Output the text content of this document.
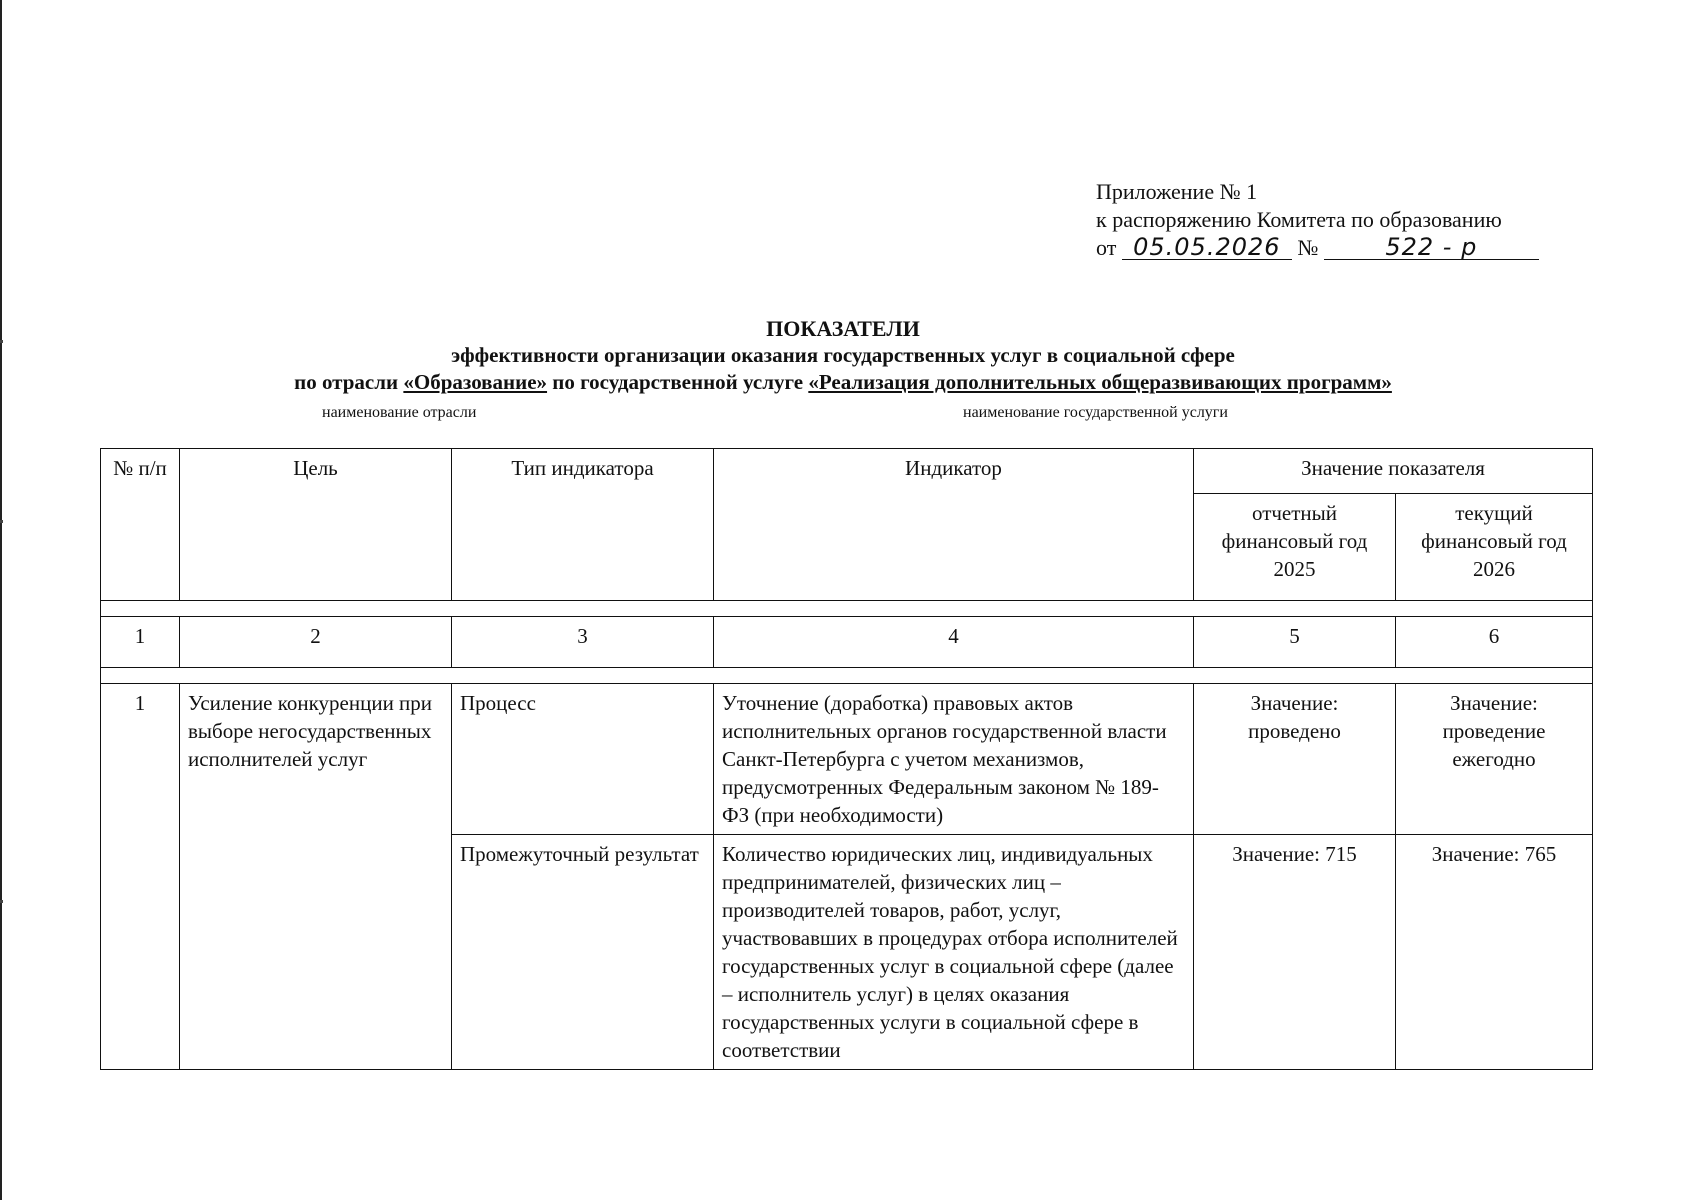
Приложение № 1
к распоряжению Комитета по образованию
от 05.05.2026 №	522 - р
ПОКАЗАТЕЛИ
эффективности организации оказания государственных услуг в социальной сфере
по отрасли «Образование» по государственной услуге «Реализация дополнительных общеразвивающих программ»
наименование отрасли	наименование государственной услуги
№ п/п	Цель	Тип индикатора	Индикатор	Значение показателя	
				отчетный финансовый год 2025	текущий финансовый год 2026

1	2	3	4	5	6

1	Усиление конкуренции при выборе негосударственных исполнителей услуг	Процесс	Уточнение (доработка) правовых актов исполнительных органов государственной власти Санкт-Петербурга с учетом механизмов, предусмотренных Федеральным законом № 189-ФЗ (при необходимости)	Значение: проведено	Значение: проведение ежегодно
		Промежуточный результат	Количество юридических лиц, индивидуальных предпринимателей, физических лиц – производителей товаров, работ, услуг, участвовавших в процедурах отбора исполнителей государственных услуг в социальной сфере (далее – исполнитель услуг) в целях оказания государственных услуги в социальной сфере в соответствии	Значение: 715	Значение: 765
